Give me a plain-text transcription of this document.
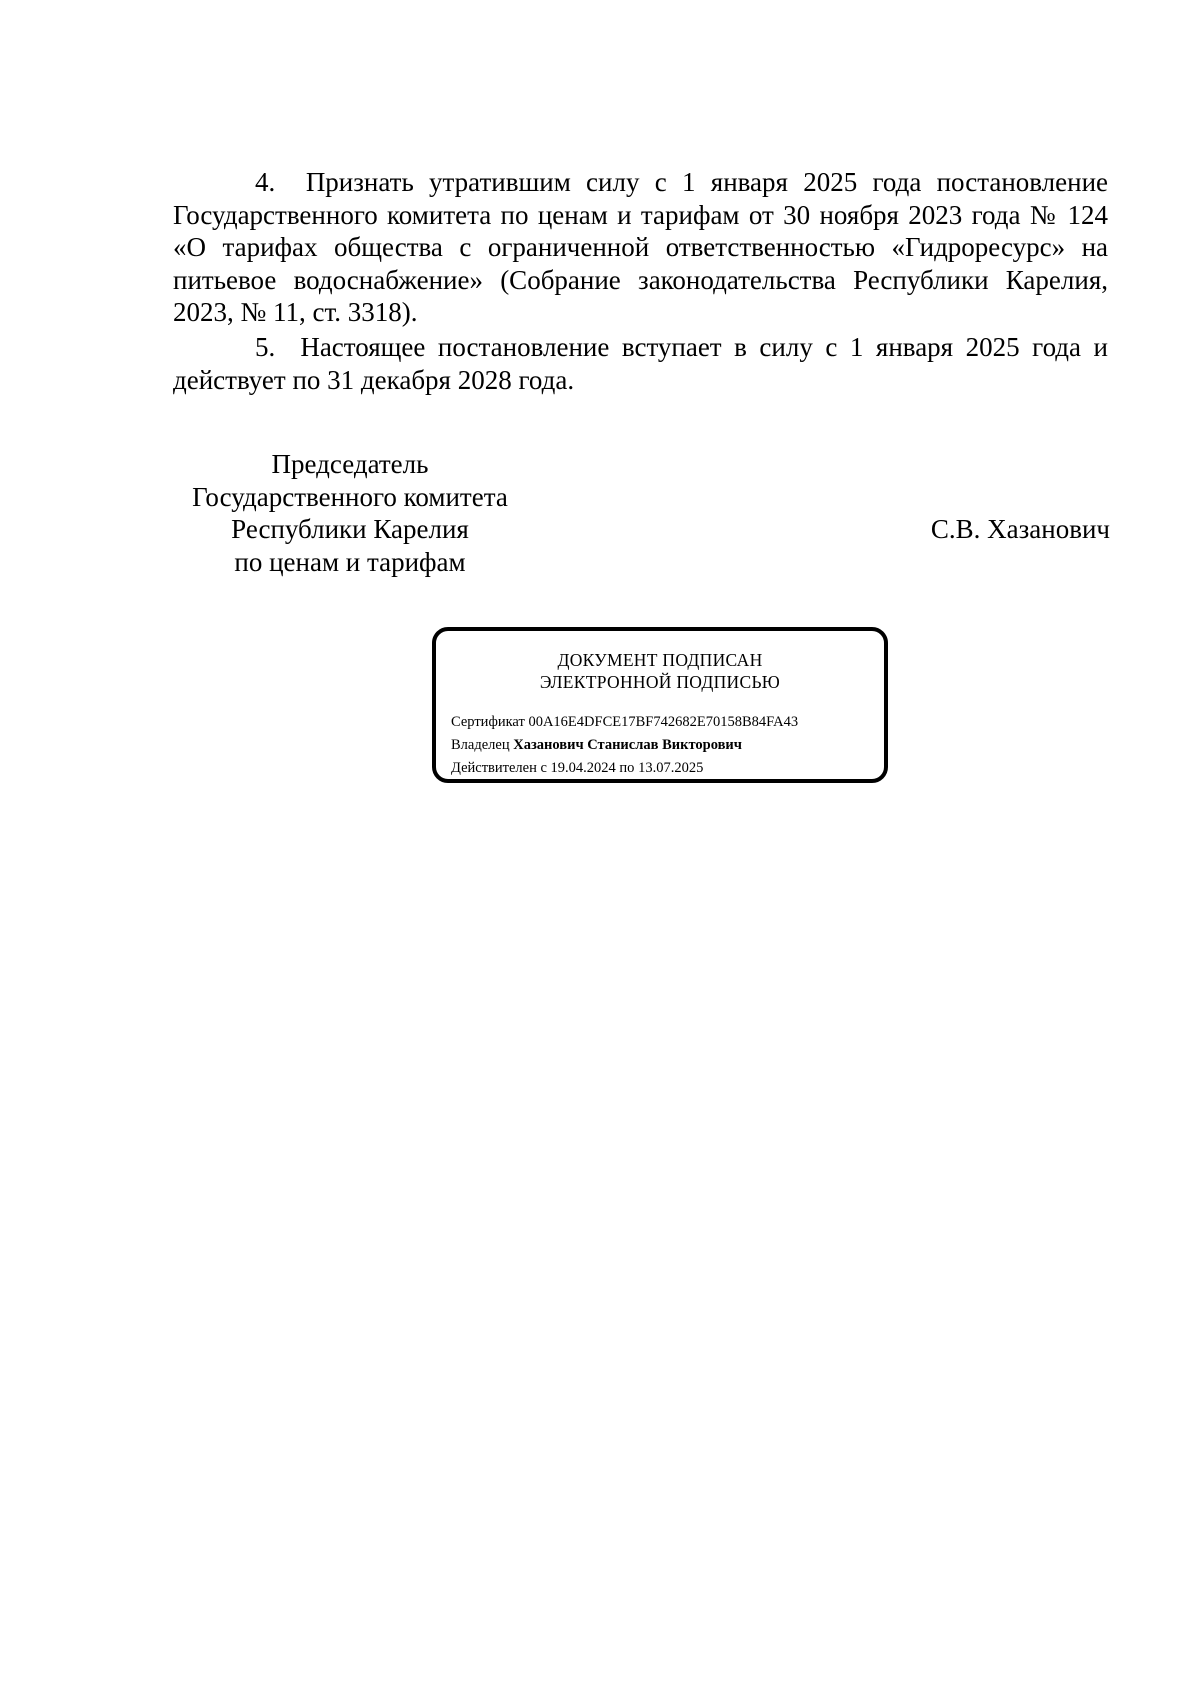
4. Признать утратившим силу с 1 января 2025 года постановление Государственного комитета по ценам и тарифам от 30 ноября 2023 года № 124 «О тарифах общества с ограниченной ответственностью «Гидроресурс» на питьевое водоснабжение» (Собрание законодательства Республики Карелия, 2023, № 11, ст. 3318).
5. Настоящее постановление вступает в силу с 1 января 2025 года и действует по 31 декабря 2028 года.
Председатель
Государственного комитета
Республики Карелия
по ценам и тарифам
С.В. Хазанович
ДОКУМЕНТ ПОДПИСАН
ЭЛЕКТРОННОЙ ПОДПИСЬЮ
Сертификат 00A16E4DFCE17BF742682E70158B84FA43
Владелец Хазанович Станислав Викторович
Действителен с 19.04.2024 по 13.07.2025
